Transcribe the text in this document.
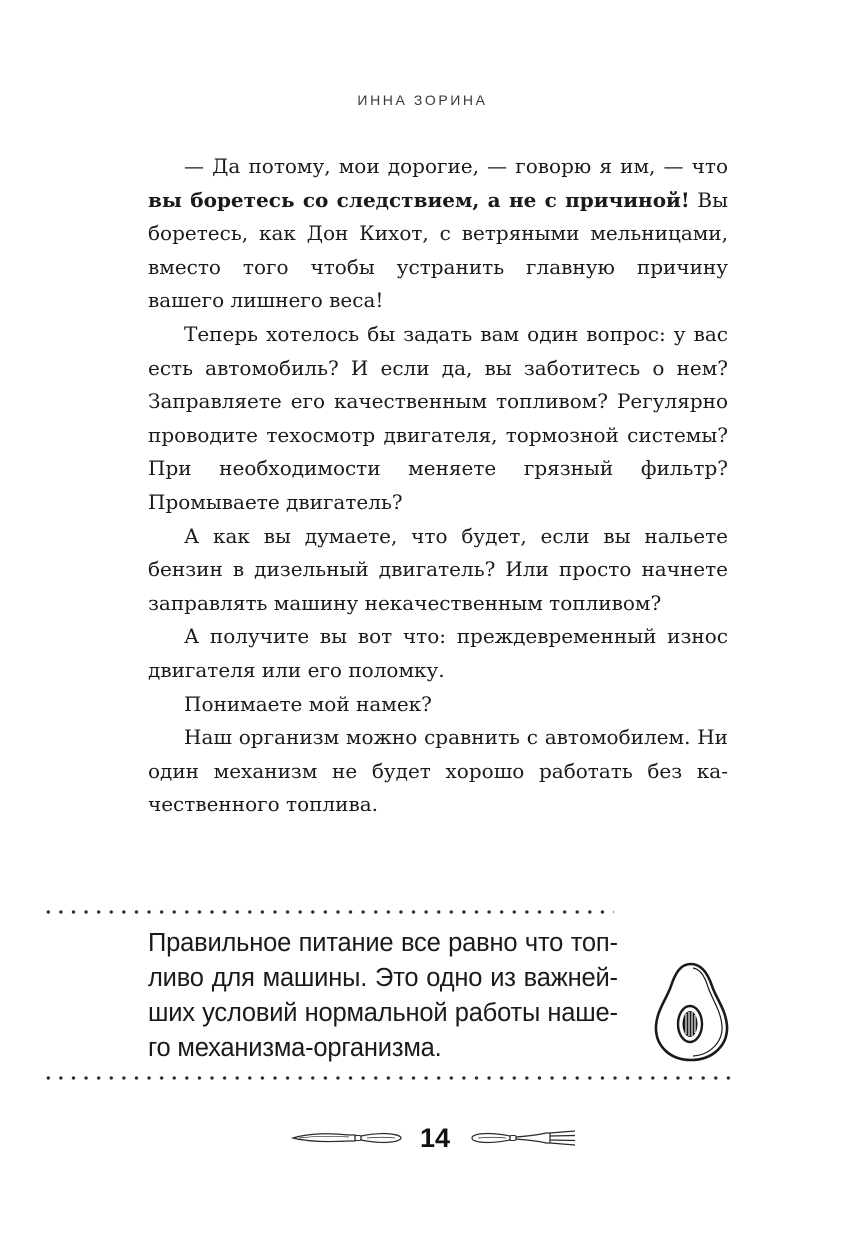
ИННА ЗОРИНА

— Да потому, мои дорогие, — говорю я им, — что вы боретесь со следствием, а не с причиной! Вы боретесь, как Дон Кихот, с ветряными мельницами, вместо того чтобы устранить главную причину вашего лишнего веса!

Теперь хотелось бы задать вам один вопрос: у вас есть автомобиль? И если да, вы заботитесь о нем? Заправляете его качественным топливом? Регулярно проводите техосмотр двигателя, тормозной системы? При необходимости меняете грязный фильтр? Промываете двигатель?

А как вы думаете, что будет, если вы нальете бензин в дизельный двигатель? Или просто начнете заправлять машину некачественным топливом?

А получите вы вот что: преждевременный износ двигателя или его поломку.

Понимаете мой намек?

Наш организм можно сравнить с автомобилем. Ни один механизм не будет хорошо работать без качественного топлива.

Правильное питание все равно что топливо для машины. Это одно из важнейших условий нормальной работы нашего механизма-организма.

14
